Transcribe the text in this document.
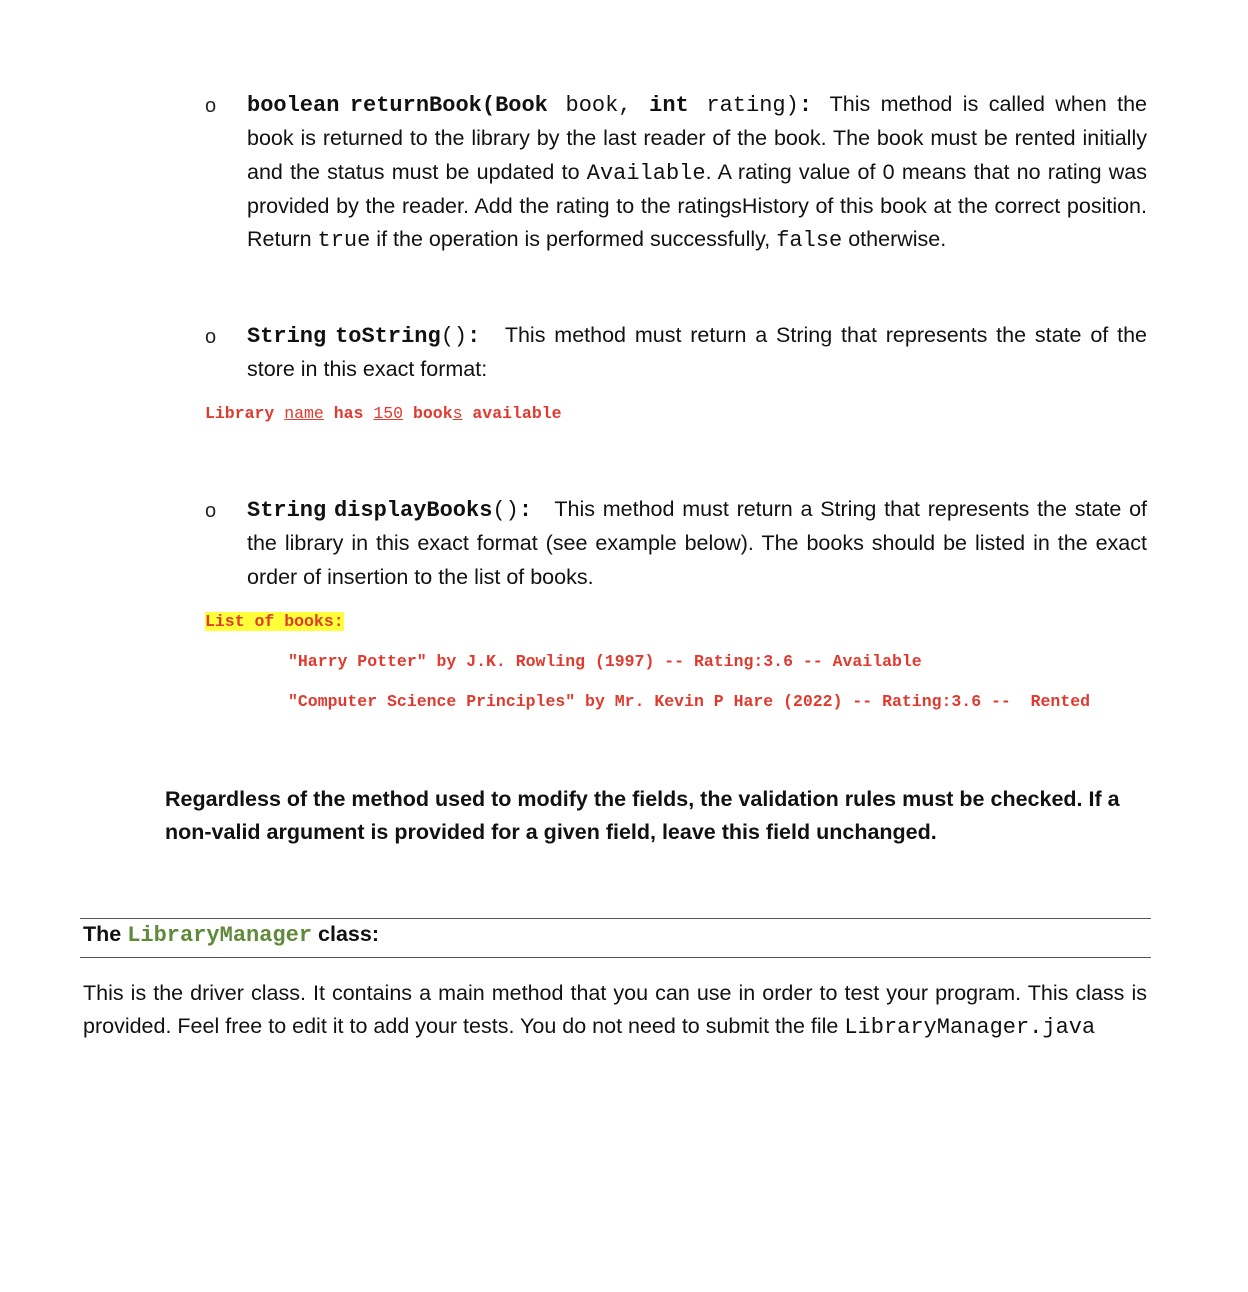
o boolean returnBook(Book book, int rating): This method is called when the book is returned to the library by the last reader of the book. The book must be rented initially and the status must be updated to Available. A rating value of 0 means that no rating was provided by the reader. Add the rating to the ratingsHistory of this book at the correct position. Return true if the operation is performed successfully, false otherwise.
o String toString():  This method must return a String that represents the state of the store in this exact format:
Library name has 150 books available
o String displayBooks():  This method must return a String that represents the state of the library in this exact format (see example below). The books should be listed in the exact order of insertion to the list of books.
List of books:
"Harry Potter" by J.K. Rowling (1997) -- Rating:3.6 -- Available
"Computer Science Principles" by Mr. Kevin P Hare (2022) -- Rating:3.6 --  Rented
Regardless of the method used to modify the fields, the validation rules must be checked. If a non-valid argument is provided for a given field, leave this field unchanged.
The LibraryManager class:
This is the driver class. It contains a main method that you can use in order to test your program. This class is provided. Feel free to edit it to add your tests. You do not need to submit the file LibraryManager.java
